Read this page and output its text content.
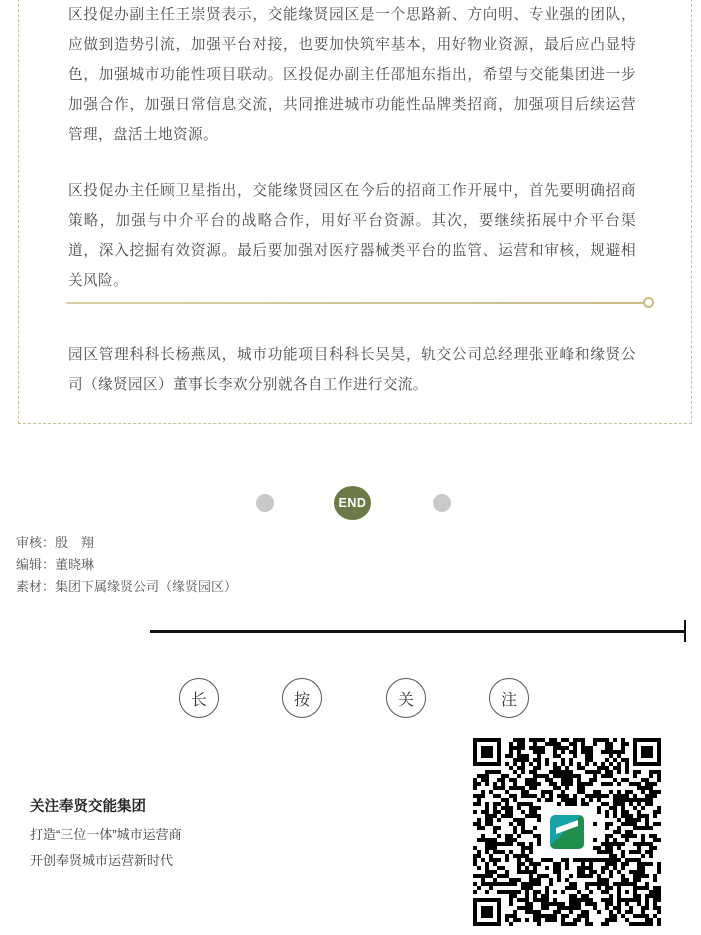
区投促办副主任王崇贤表示，交能缘贤园区是一个思路新、方向明、专业强的团队，应做到造势引流，加强平台对接，也要加快筑牢基本，用好物业资源，最后应凸显特色，加强城市功能性项目联动。区投促办副主任邵旭东指出，希望与交能集团进一步加强合作，加强日常信息交流，共同推进城市功能性品牌类招商，加强项目后续运营管理，盘活土地资源。

区投促办主任顾卫星指出，交能缘贤园区在今后的招商工作开展中，首先要明确招商策略，加强与中介平台的战略合作，用好平台资源。其次，要继续拓展中介平台渠道，深入挖掘有效资源。最后要加强对医疗器械类平台的监管、运营和审核，规避相关风险。

园区管理科科长杨燕凤，城市功能项目科科长吴昊，轨交公司总经理张亚峰和缘贤公司（缘贤园区）董事长李欢分别就各自工作进行交流。

END
审核：殷　翔
编辑：董晓琳
素材：集团下属缘贤公司（缘贤园区）
长	按	关	注
关注奉贤交能集团
打造“三位一体”城市运营商
开创奉贤城市运营新时代
